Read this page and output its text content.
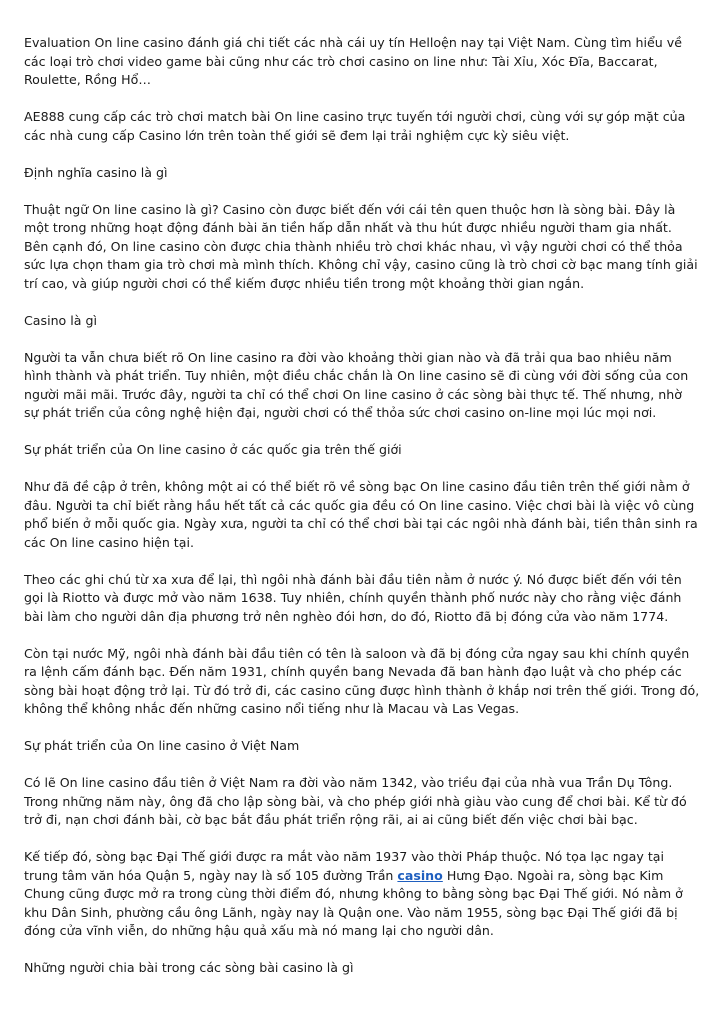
Evaluation On line casino đánh giá chi tiết các nhà cái uy tín Helloện nay tại Việt Nam. Cùng tìm hiểu về các loại trò chơi video game bài cũng như các trò chơi casino on line như: Tài Xỉu, Xóc Đĩa, Baccarat, Roulette, Rồng Hổ…

AE888 cung cấp các trò chơi match bài On line casino trực tuyến tới người chơi, cùng với sự góp mặt của các nhà cung cấp Casino lớn trên toàn thế giới sẽ đem lại trải nghiệm cực kỳ siêu việt.

Định nghĩa casino là gì

Thuật ngữ On line casino là gì? Casino còn được biết đến với cái tên quen thuộc hơn là sòng bài. Đây là một trong những hoạt động đánh bài ăn tiền hấp dẫn nhất và thu hút được nhiều người tham gia nhất. Bên cạnh đó, On line casino còn được chia thành nhiều trò chơi khác nhau, vì vậy người chơi có thể thỏa sức lựa chọn tham gia trò chơi mà mình thích. Không chỉ vậy, casino cũng là trò chơi cờ bạc mang tính giải trí cao, và giúp người chơi có thể kiếm được nhiều tiền trong một khoảng thời gian ngắn.

Casino là gì

Người ta vẫn chưa biết rõ On line casino ra đời vào khoảng thời gian nào và đã trải qua bao nhiêu năm hình thành và phát triển. Tuy nhiên, một điều chắc chắn là On line casino sẽ đi cùng với đời sống của con người mãi mãi. Trước đây, người ta chỉ có thể chơi On line casino ở các sòng bài thực tế. Thế nhưng, nhờ sự phát triển của công nghệ hiện đại, người chơi có thể thỏa sức chơi casino on-line mọi lúc mọi nơi.

Sự phát triển của On line casino ở các quốc gia trên thế giới

Như đã đề cập ở trên, không một ai có thể biết rõ về sòng bạc On line casino đầu tiên trên thế giới nằm ở đâu. Người ta chỉ biết rằng hầu hết tất cả các quốc gia đều có On line casino. Việc chơi bài là việc vô cùng phổ biến ở mỗi quốc gia. Ngày xưa, người ta chỉ có thể chơi bài tại các ngôi nhà đánh bài, tiền thân sinh ra các On line casino hiện tại.

Theo các ghi chú từ xa xưa để lại, thì ngôi nhà đánh bài đầu tiên nằm ở nước ý. Nó được biết đến với tên gọi là Riotto và được mở vào năm 1638. Tuy nhiên, chính quyền thành phố nước này cho rằng việc đánh bài làm cho người dân địa phương trở nên nghèo đói hơn, do đó, Riotto đã bị đóng cửa vào năm 1774.

Còn tại nước Mỹ, ngôi nhà đánh bài đầu tiên có tên là saloon và đã bị đóng cửa ngay sau khi chính quyền ra lệnh cấm đánh bạc. Đến năm 1931, chính quyền bang Nevada đã ban hành đạo luật và cho phép các sòng bài hoạt động trở lại. Từ đó trở đi, các casino cũng được hình thành ở khắp nơi trên thế giới. Trong đó, không thể không nhắc đến những casino nổi tiếng như là Macau và Las Vegas.

Sự phát triển của On line casino ở Việt Nam

Có lẽ On line casino đầu tiên ở Việt Nam ra đời vào năm 1342, vào triều đại của nhà vua Trần Dụ Tông. Trong những năm này, ông đã cho lập sòng bài, và cho phép giới nhà giàu vào cung để chơi bài. Kể từ đó trở đi, nạn chơi đánh bài, cờ bạc bắt đầu phát triển rộng rãi, ai ai cũng biết đến việc chơi bài bạc.

Kế tiếp đó, sòng bạc Đại Thế giới được ra mắt vào năm 1937 vào thời Pháp thuộc. Nó tọa lạc ngay tại trung tâm văn hóa Quận 5, ngày nay là số 105 đường Trần casino Hưng Đạo. Ngoài ra, sòng bạc Kim Chung cũng được mở ra trong cùng thời điểm đó, nhưng không to bằng sòng bạc Đại Thế giới. Nó nằm ở khu Dân Sinh, phường cầu ông Lãnh, ngày nay là Quận one. Vào năm 1955, sòng bạc Đại Thế giới đã bị đóng cửa vĩnh viễn, do những hậu quả xấu mà nó mang lại cho người dân.

Những người chia bài trong các sòng bài casino là gì
